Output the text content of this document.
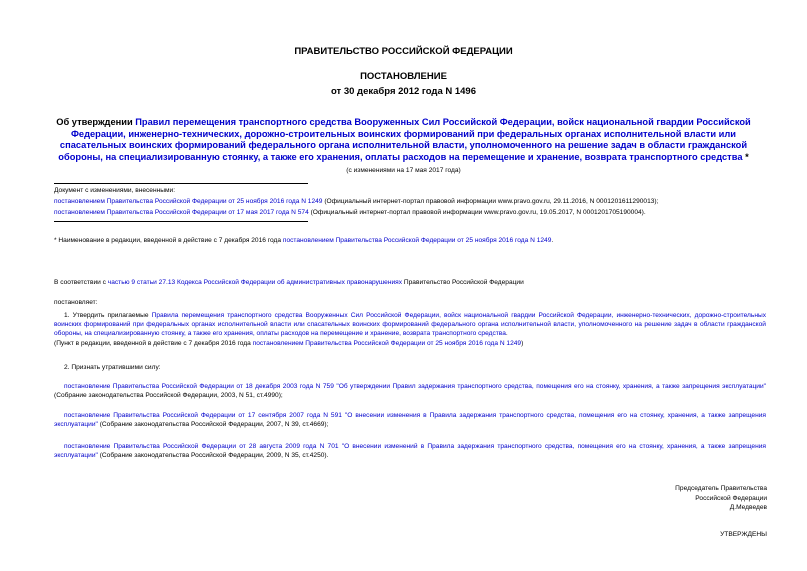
ПРАВИТЕЛЬСТВО РОССИЙСКОЙ ФЕДЕРАЦИИ
ПОСТАНОВЛЕНИЕ
от 30 декабря 2012 года N 1496
Об утверждении Правил перемещения транспортного средства Вооруженных Сил Российской Федерации, войск национальной гвардии Российской Федерации, инженерно-технических, дорожно-строительных воинских формирований при федеральных органах исполнительной власти или спасательных воинских формирований федерального органа исполнительной власти, уполномоченного на решение задач в области гражданской обороны, на специализированную стоянку, а также его хранения, оплаты расходов на перемещение и хранение, возврата транспортного средства *
(с изменениями на 17 мая 2017 года)
Документ с изменениями, внесенными:
постановлением Правительства Российской Федерации от 25 ноября 2016 года N 1249 (Официальный интернет-портал правовой информации www.pravo.gov.ru, 29.11.2016, N 0001201611290013);
постановлением Правительства Российской Федерации от 17 мая 2017 года N 574 (Официальный интернет-портал правовой информации www.pravo.gov.ru, 19.05.2017, N 0001201705190004).
* Наименование в редакции, введенной в действие с 7 декабря 2016 года постановлением Правительства Российской Федерации от 25 ноября 2016 года N 1249.
В соответствии с частью 9 статьи 27.13 Кодекса Российской Федерации об административных правонарушениях Правительство Российской Федерации
постановляет:
1. Утвердить прилагаемые Правила перемещения транспортного средства Вооруженных Сил Российской Федерации, войск национальной гвардии Российской Федерации, инженерно-технических, дорожно-строительных воинских формирований при федеральных органах исполнительной власти или спасательных воинских формирований федерального органа исполнительной власти, уполномоченного на решение задач в области гражданской обороны, на специализированную стоянку, а также его хранения, оплаты расходов на перемещение и хранение, возврата транспортного средства.
(Пункт в редакции, введенной в действие с 7 декабря 2016 года постановлением Правительства Российской Федерации от 25 ноября 2016 года N 1249)
2. Признать утратившими силу:
постановление Правительства Российской Федерации от 18 декабря 2003 года N 759 "Об утверждении Правил задержания транспортного средства, помещения его на стоянку, хранения, а также запрещения эксплуатации" (Собрание законодательства Российской Федерации, 2003, N 51, ст.4990);
постановление Правительства Российской Федерации от 17 сентября 2007 года N 591 "О внесении изменения в Правила задержания транспортного средства, помещения его на стоянку, хранения, а также запрещения эксплуатации" (Собрание законодательства Российской Федерации, 2007, N 39, ст.4669);
постановление Правительства Российской Федерации от 28 августа 2009 года N 701 "О внесении изменений в Правила задержания транспортного средства, помещения его на стоянку, хранения, а также запрещения эксплуатации" (Собрание законодательства Российской Федерации, 2009, N 35, ст.4250).
Председатель Правительства
Российской Федерации
Д.Медведев
УТВЕРЖДЕНЫ
